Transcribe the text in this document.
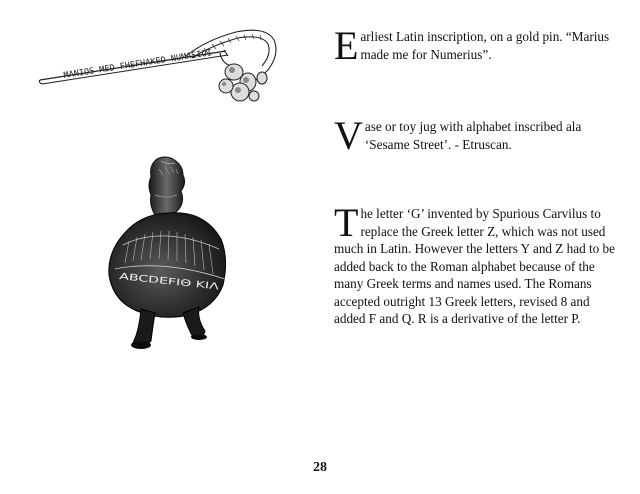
MANIOS MED FHEFHAKED NUMASIOI
ABCDEFIΘ ΚΙΛ
E arliest Latin inscription, on a gold pin. “Marius made me for Numerius”.
V ase or toy jug with alphabet inscribed ala ‘Sesame Street’. - Etruscan.
T he letter ‘G’ invented by Spurious Carvilus to replace the Greek letter Z, which was not used much in Latin. However the letters Y and Z had to be added back to the Roman alphabet because of the many Greek terms and names used. The Romans accepted outright 13 Greek letters, revised 8 and added F and Q. R is a derivative of the letter P.
28
